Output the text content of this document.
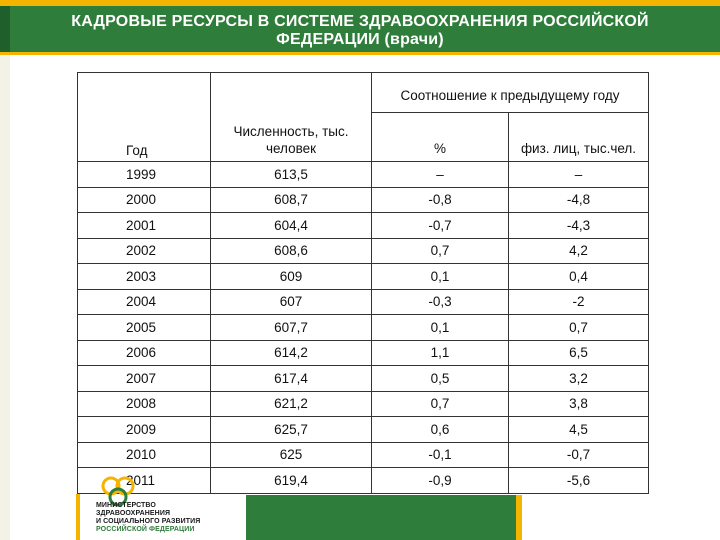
КАДРОВЫЕ РЕСУРСЫ В СИСТЕМЕ ЗДРАВООХРАНЕНИЯ РОССИЙСКОЙ
ФЕДЕРАЦИИ (врачи)
Год	Численность, тыс. человек	Соотношение к предыдущему году	
		%	физ. лиц, тыс.чел.
1999	613,5	–	–
2000	608,7	-0,8	-4,8
2001	604,4	-0,7	-4,3
2002	608,6	0,7	4,2
2003	609	0,1	0,4
2004	607	-0,3	-2
2005	607,7	0,1	0,7
2006	614,2	1,1	6,5
2007	617,4	0,5	3,2
2008	621,2	0,7	3,8
2009	625,7	0,6	4,5
2010	625	-0,1	-0,7
2011	619,4	-0,9	-5,6
МИНИСТЕРСТВО
ЗДРАВООХРАНЕНИЯ
И СОЦИАЛЬНОГО РАЗВИТИЯ
РОССИЙСКОЙ ФЕДЕРАЦИИ
